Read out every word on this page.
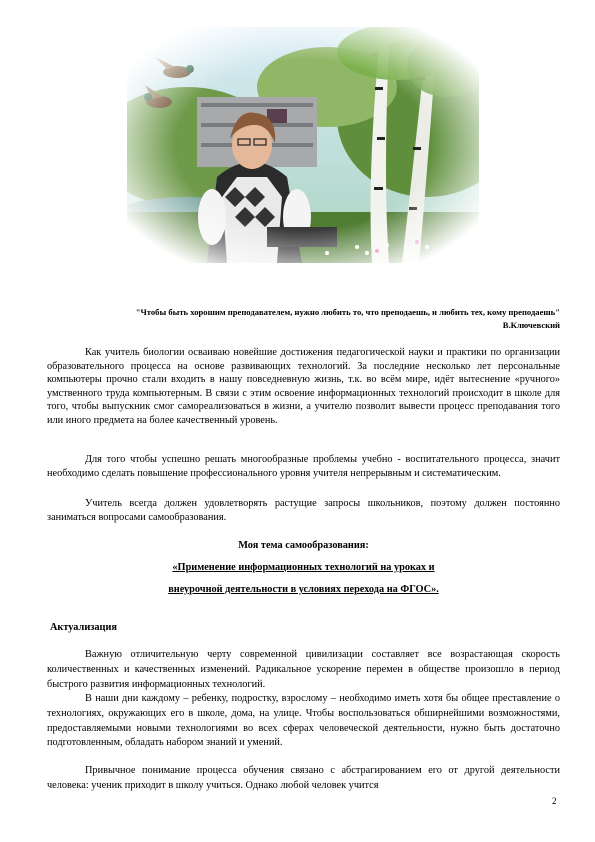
"Чтобы быть хорошим преподавателем, нужно любить то, что преподаешь, и любить тех, кому преподаешь"
В.Ключевский

Как учитель биологии осваиваю новейшие достижения педагогической науки и практики по организации образовательного процесса на основе развивающих технологий. За последние несколько лет персональные компьютеры прочно стали входить в нашу повседневную жизнь, т.к. во всём мире, идёт вытеснение «ручного» умственного труда компьютерным. В связи с этим освоение информационных технологий происходит в школе для того, чтобы выпускник смог самореализоваться в жизни, а учителю позволит вывести процесс преподавания того или иного предмета на более качественный уровень.

Для того чтобы успешно решать многообразные проблемы учебно - воспитательного процесса, значит необходимо сделать повышение профессионального уровня учителя непрерывным и систематическим.

Учитель всегда должен удовлетворять растущие запросы школьников, поэтому должен постоянно заниматься вопросами самообразования.

Моя тема самообразования:
«Применение информационных технологий на уроках и
внеурочной деятельности в условиях перехода на ФГОС».
Актуализация

Важную отличительную черту современной цивилизации составляет все возрастающая скорость количественных и качественных изменений. Радикальное ускорение перемен в обществе произошло в период быстрого развития информационных технологий.

В наши дни каждому – ребенку, подростку, взрослому – необходимо иметь хотя бы общее преставление о технологиях, окружающих его в школе, дома, на улице. Чтобы воспользоваться обширнейшими возможностями, предоставляемыми новыми технологиями во всех сферах человеческой деятельности, нужно быть достаточно подготовленным, обладать набором знаний и умений.

Привычное понимание процесса обучения связано с абстрагированием его от другой деятельности человека: ученик приходит в школу учиться. Однако любой человек учится

2
